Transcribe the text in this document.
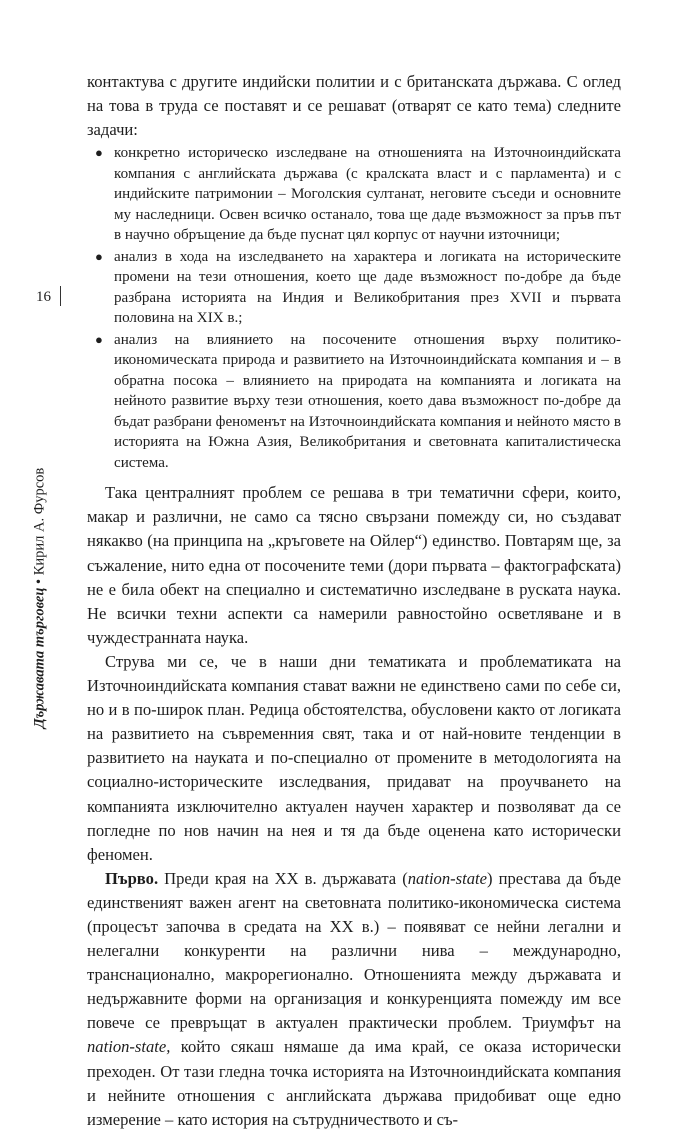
16
Държавата търговец • Кирил А. Фурсов

контактува с другите индийски политии и с британската държава. С оглед на това в труда се поставят и се решават (отварят се като тема) следните задачи:

● конкретно историческо изследване на отношенията на Източноиндийската компания с английската държава (с кралската власт и с парламента) и с индийските патримонии – Моголския султанат, неговите съседи и основните му наследници. Освен всичко останало, това ще даде възможност за пръв път в научно обръщение да бъде пуснат цял корпус от научни източници;
● анализ в хода на изследването на характера и логиката на историческите промени на тези отношения, което ще даде възможност по-добре да бъде разбрана историята на Индия и Великобритания през XVII и първата половина на XIX в.;
● анализ на влиянието на посочените отношения върху политико-икономическата природа и развитието на Източноиндийската компания и – в обратна посока – влиянието на природата на компанията и логиката на нейното развитие върху тези отношения, което дава възможност по-добре да бъдат разбрани феноменът на Източноиндийската компания и нейното място в историята на Южна Азия, Великобритания и световната капиталистическа система.

Така централният проблем се решава в три тематични сфери, които, макар и различни, не само са тясно свързани помежду си, но създават някакво (на принципа на „кръговете на Ойлер“) единство. Повтарям ще, за съжаление, нито една от посочените теми (дори първата – фактографската) не е била обект на специално и систематично изследване в руската наука. Не всички техни аспекти са намерили равностойно осветляване и в чуждестранната наука.

Струва ми се, че в наши дни тематиката и проблематиката на Източноиндийската компания стават важни не единствено сами по себе си, но и в по-широк план. Редица обстоятелства, обусловени както от логиката на развитието на съвременния свят, така и от най-новите тенденции в развитието на науката и по-специално от промените в методологията на социално-историческите изследвания, придават на проучването на компанията изключително актуален научен характер и позволяват да се погледне по нов начин на нея и тя да бъде оценена като исторически феномен.

Първо. Преди края на XX в. държавата (nation-state) престава да бъде единственият важен агент на световната политико-икономическа система (процесът започва в средата на XX в.) – появяват се нейни легални и нелегални конкуренти на различни нива – международно, транснационално, макрорегионално. Отношенията между държавата и недържавните форми на организация и конкуренцията помежду им все повече се превръщат в актуален практически проблем. Триумфът на nation-state, който сякаш нямаше да има край, се оказа исторически преходен. От тази гледна точка историята на Източноиндийската компания и нейните отношения с английската държава придобиват още едно измерение – като история на сътрудничеството и съ-
